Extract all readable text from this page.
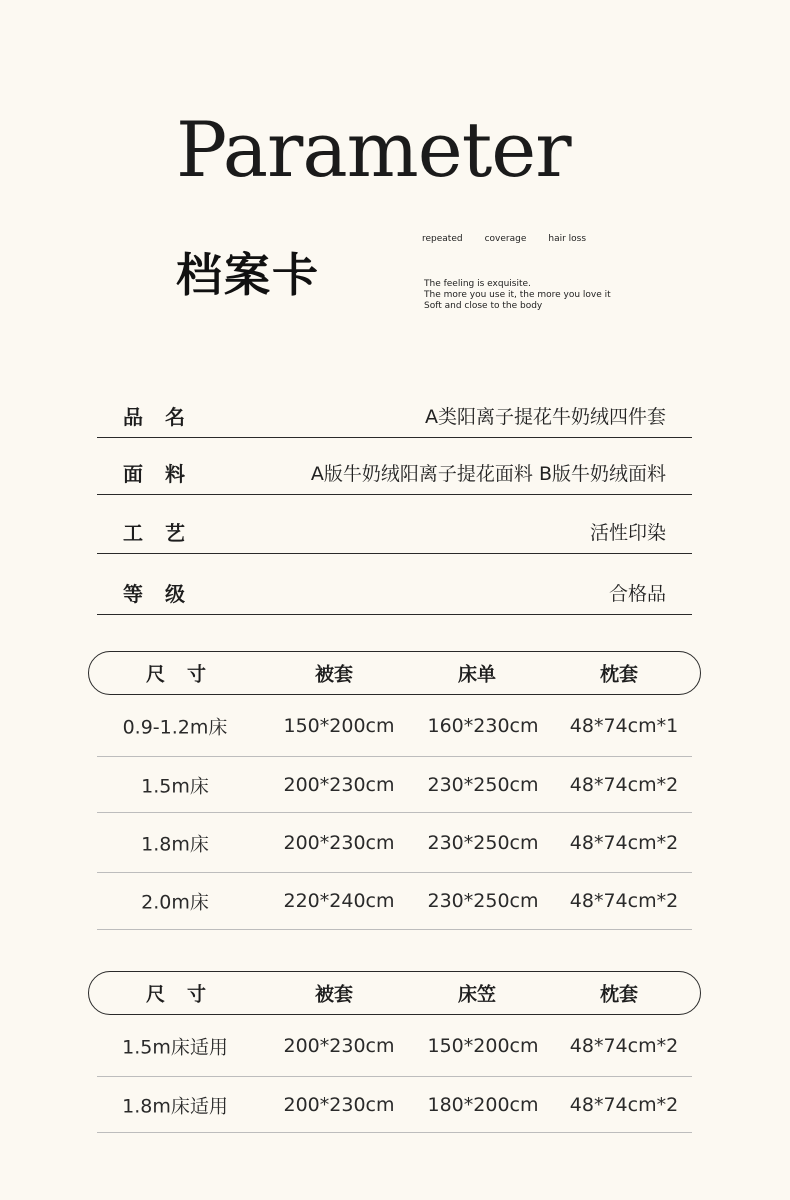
Parameter
档案卡
repeated coverage hair loss
The feeling is exquisite.
The more you use it, the more you love it
Soft and close to the body
品名	A类阳离子提花牛奶绒四件套
面料	A版牛奶绒阳离子提花面料 B版牛奶绒面料
工艺	活性印染
等级	合格品
尺寸	被套	床单	枕套
0.9-1.2m床	150*200cm 160*230cm 48*74cm*1
1.5m床	200*230cm 230*250cm 48*74cm*2
1.8m床	200*230cm 230*250cm 48*74cm*2
2.0m床	220*240cm 230*250cm 48*74cm*2
尺寸	被套	床笠	枕套
1.5m床适用	200*230cm 150*200cm 48*74cm*2
1.8m床适用	200*230cm 180*200cm 48*74cm*2
